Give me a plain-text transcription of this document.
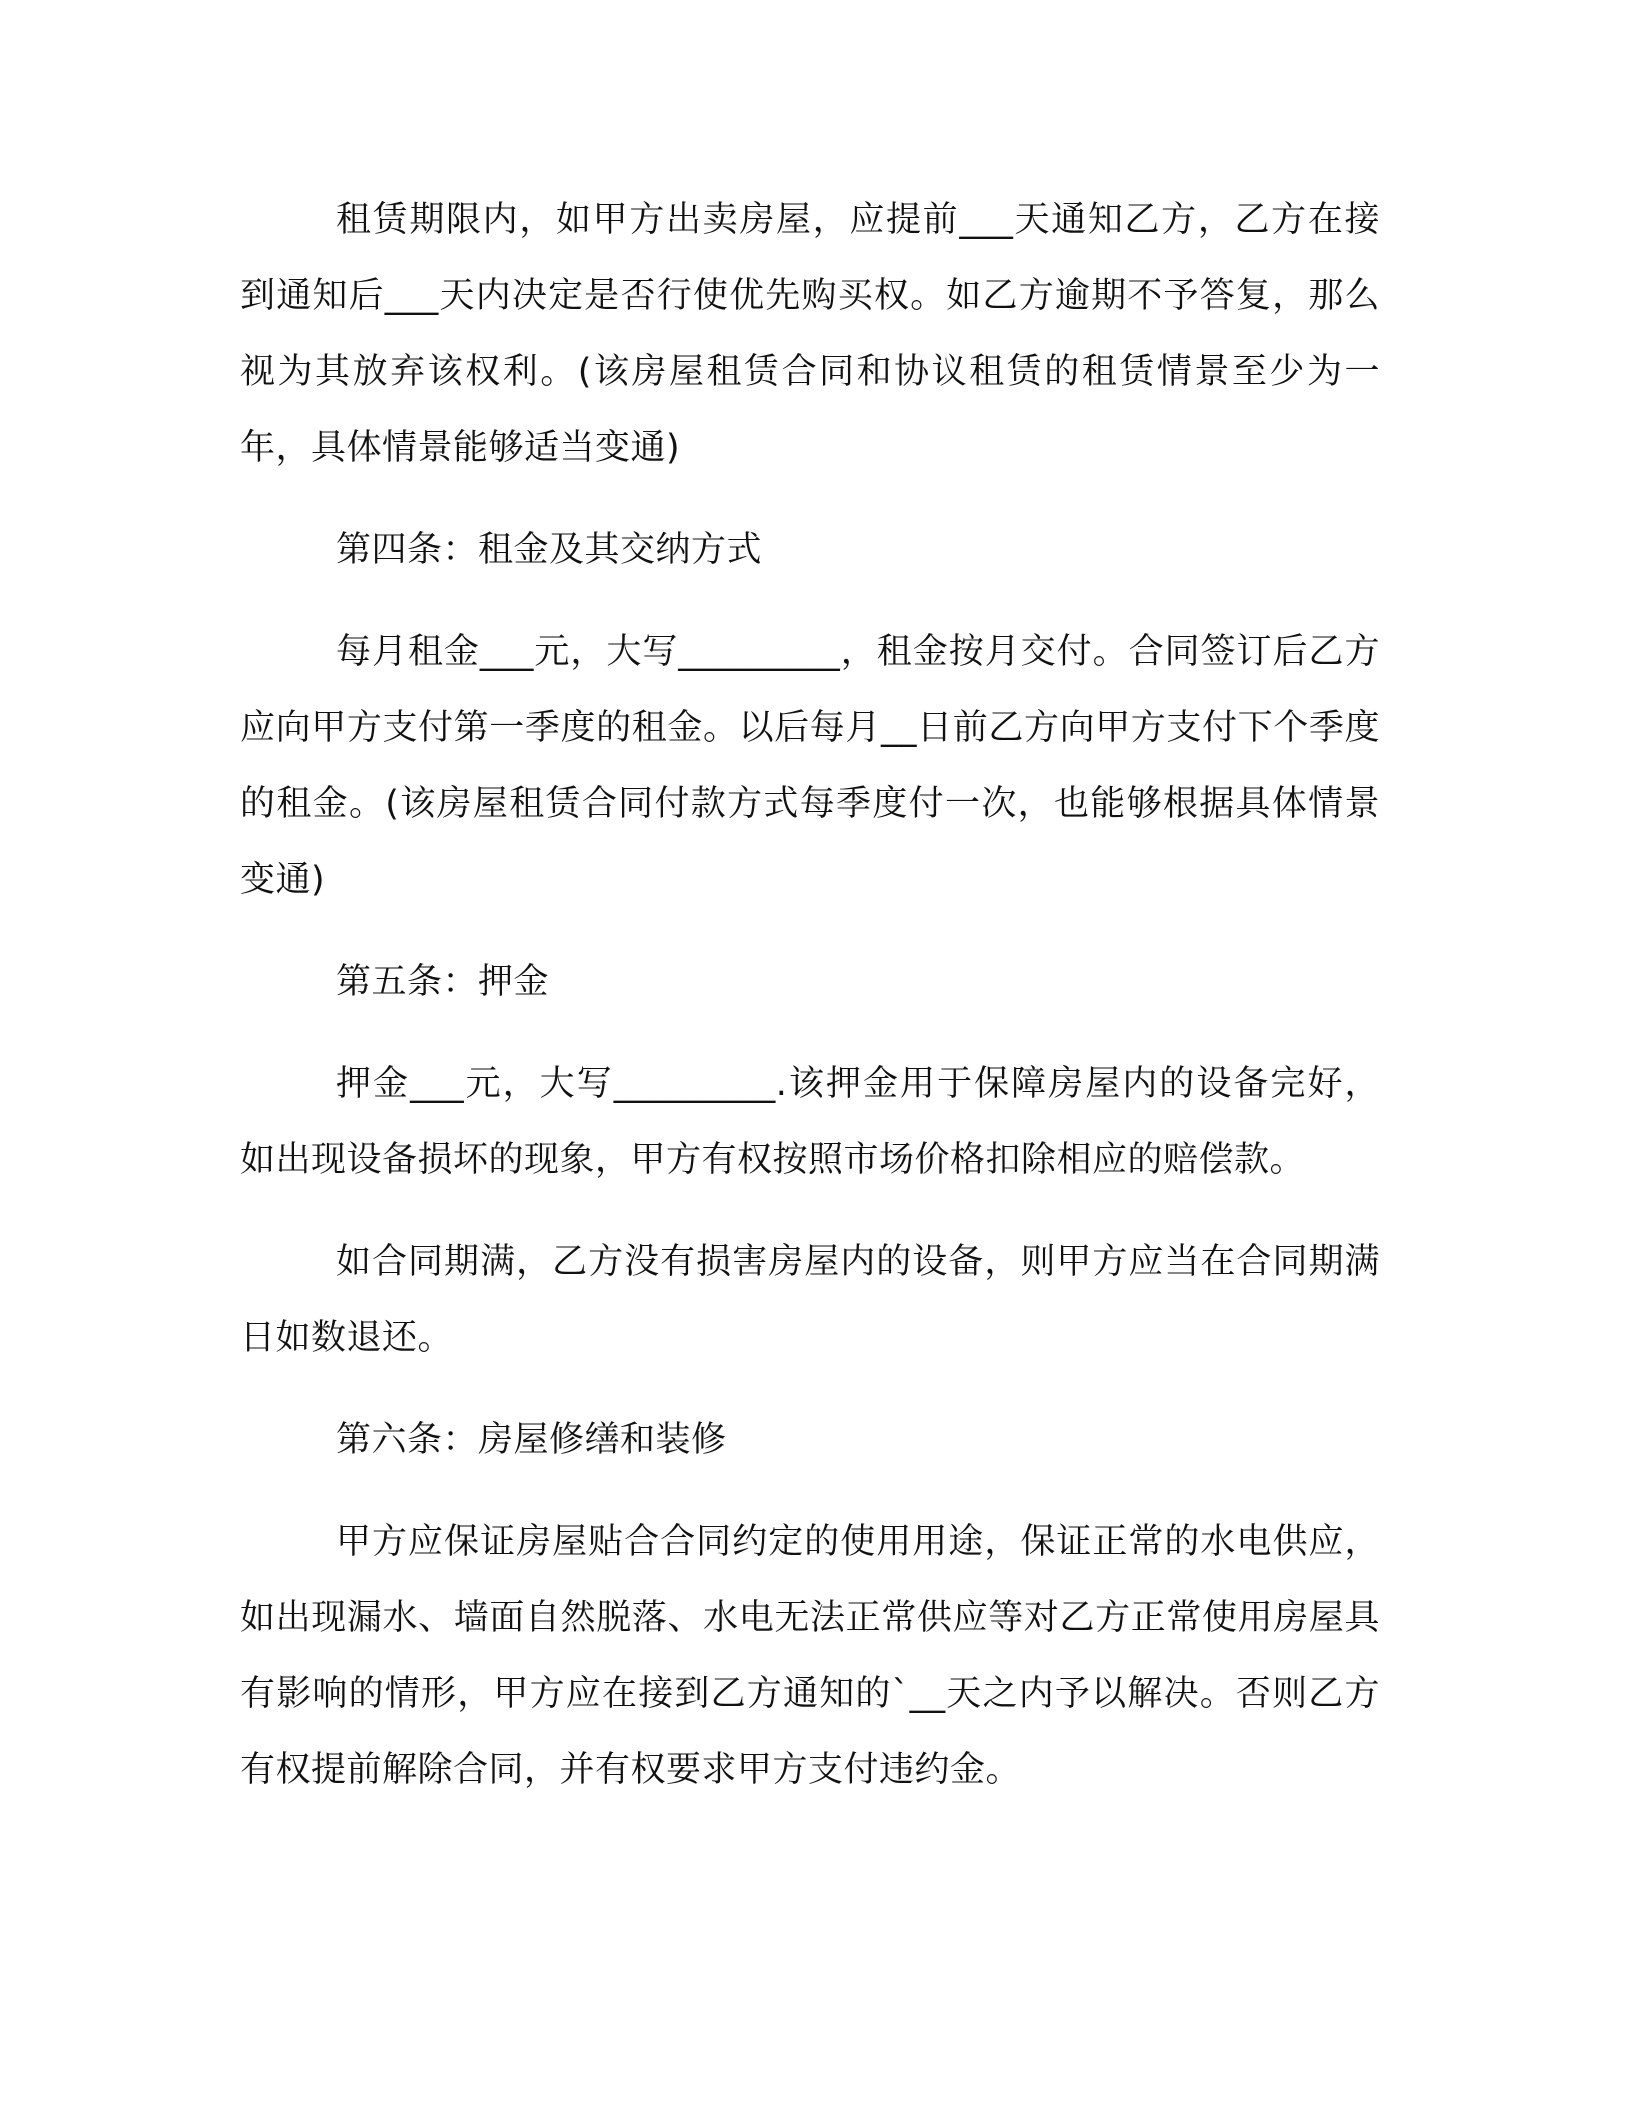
租赁期限内，如甲方出卖房屋，应提前___天通知乙方，乙方在接到通知后___天内决定是否行使优先购买权。如乙方逾期不予答复，那么视为其放弃该权利。(该房屋租赁合同和协议租赁的租赁情景至少为一年，具体情景能够适当变通)

第四条：租金及其交纳方式

每月租金___元，大写_________，租金按月交付。合同签订后乙方应向甲方支付第一季度的租金。以后每月__日前乙方向甲方支付下个季度的租金。(该房屋租赁合同付款方式每季度付一次，也能够根据具体情景变通)

第五条：押金

押金___元，大写_________.该押金用于保障房屋内的设备完好，如出现设备损坏的现象，甲方有权按照市场价格扣除相应的赔偿款。

如合同期满，乙方没有损害房屋内的设备，则甲方应当在合同期满日如数退还。

第六条：房屋修缮和装修

甲方应保证房屋贴合合同约定的使用用途，保证正常的水电供应，如出现漏水、墙面自然脱落、水电无法正常供应等对乙方正常使用房屋具有影响的情形，甲方应在接到乙方通知的`__天之内予以解决。否则乙方有权提前解除合同，并有权要求甲方支付违约金。
